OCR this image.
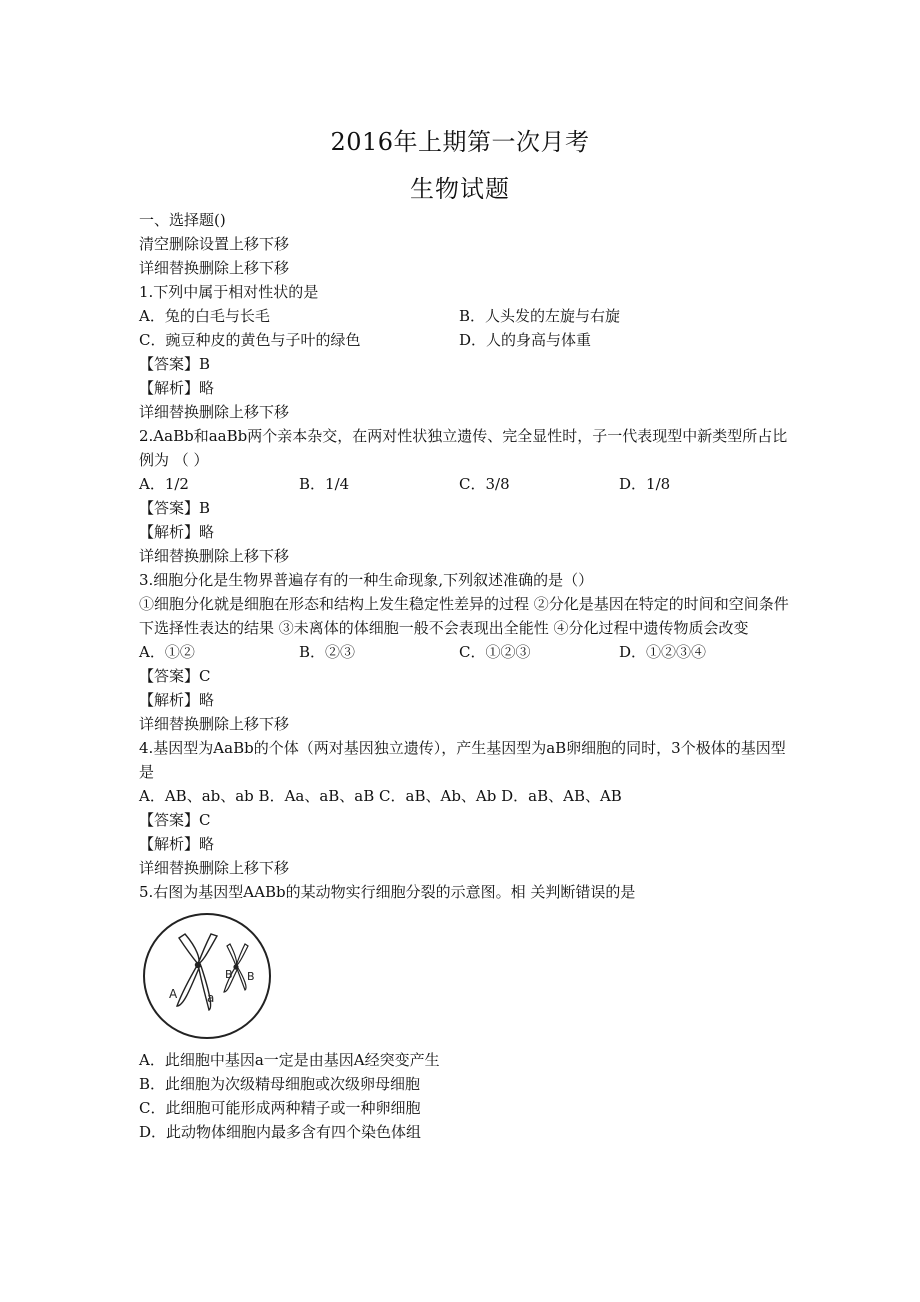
2016年上期第一次月考
生物试题
一、选择题()
清空删除设置上移下移
详细替换删除上移下移
1.下列中属于相对性状的是
A．兔的白毛与长毛	B．人头发的左旋与右旋
C．豌豆种皮的黄色与子叶的绿色	D．人的身高与体重
【答案】B
【解析】略
详细替换删除上移下移
2.AaBb和aaBb两个亲本杂交，在两对性状独立遗传、完全显性时，子一代表现型中新类型所占比例为 （ ）
A．1/2	B．1/4	C．3/8	D．1/8
【答案】B
【解析】略
详细替换删除上移下移
3.细胞分化是生物界普遍存有的一种生命现象,下列叙述准确的是（）
①细胞分化就是细胞在形态和结构上发生稳定性差异的过程 ②分化是基因在特定的时间和空间条件下选择性表达的结果 ③未离体的体细胞一般不会表现出全能性 ④分化过程中遗传物质会改变
A．①②	B．②③	C．①②③	D．①②③④
【答案】C
【解析】略
详细替换删除上移下移
4.基因型为AaBb的个体（两对基因独立遗传），产生基因型为aB卵细胞的同时，3个极体的基因型是
A．AB、ab、ab B．Aa、aB、aB C．aB、Ab、Ab D．aB、AB、AB
【答案】C
【解析】略
详细替换删除上移下移
5.右图为基因型AABb的某动物实行细胞分裂的示意图。相 关判断错误的是
A a
B B
A．此细胞中基因a一定是由基因A经突变产生
B．此细胞为次级精母细胞或次级卵母细胞
C．此细胞可能形成两种精子或一种卵细胞
D．此动物体细胞内最多含有四个染色体组
